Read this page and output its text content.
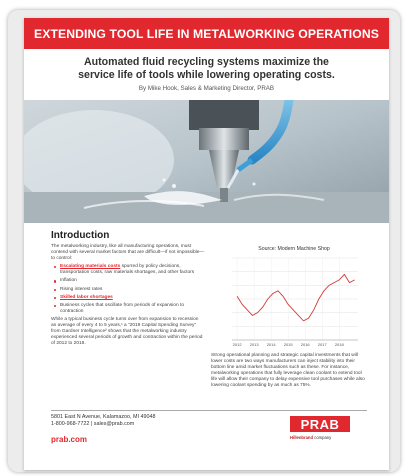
EXTENDING TOOL LIFE IN METALWORKING OPERATIONS
Automated fluid recycling systems maximize the
service life of tools while lowering operating costs.
By Mike Hook, Sales & Marketing Director, PRAB
Introduction

The metalworking industry, like all manufacturing operations, must contend with several market factors that are difficult—if not impossible—to control:

Escalating materials costs spurred by policy decisions, transportation costs, raw materials shortages, and other factors
Inflation
Rising interest rates
Skilled labor shortages
Business cycles that oscillate from periods of expansion to contraction

While a typical business cycle turns over from expansion to recession an average of every 4 to 5 years,¹ a “2019 Capital Spending Survey” from Gardner Intelligence² shows that the metalworking industry experienced several periods of growth and contraction within the period of 2012 to 2018.

Source: Modern Machine Shop
2012 2013 2014 2015 2016 2017 2018
Strong operational planning and strategic capital investments that will lower costs are two ways manufacturers can inject stability into their bottom line amid market fluctuations such as these. For instance, metalworking operations that fully leverage clean coolant to extend tool life will allow their company to delay expensive tool purchases while also lowering coolant spending by as much as 75%.
5801 East N Avenue, Kalamazoo, MI 49048
1-800-968-7722 | sales@prab.com
prab.com
PRAB
Hillenbrand company
